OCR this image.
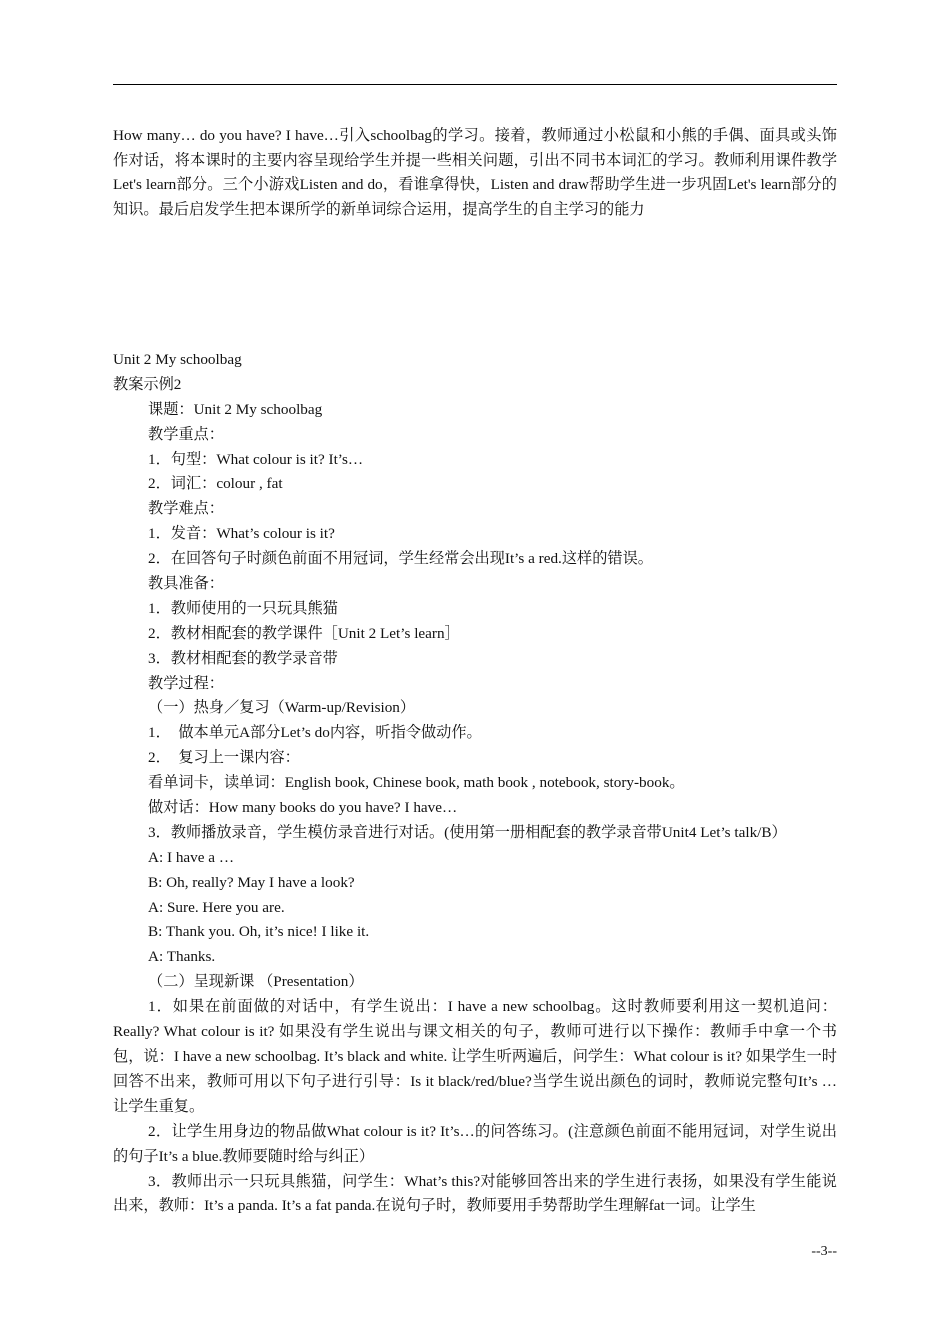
How many… do you have? I have…引入schoolbag的学习。接着，教师通过小松鼠和小熊的手偶、面具或头饰作对话，将本课时的主要内容呈现给学生并提一些相关问题，引出不同书本词汇的学习。教师利用课件教学Let's learn部分。三个小游戏Listen and do，看谁拿得快，Listen and draw帮助学生进一步巩固Let's learn部分的知识。最后启发学生把本课所学的新单词综合运用，提高学生的自主学习的能力
Unit 2 My schoolbag
教案示例2
课题：Unit 2 My schoolbag
教学重点：
1．句型：What colour is it? It’s…
2．词汇：colour , fat
教学难点：
1．发音：What’s colour is it?
2．在回答句子时颜色前面不用冠词，学生经常会出现It’s a red.这样的错误。
教具准备：
1．教师使用的一只玩具熊猫
2．教材相配套的教学课件［Unit 2 Let’s learn］
3．教材相配套的教学录音带
教学过程：
（一）热身／复习（Warm-up/Revision）
1．　做本单元A部分Let’s do内容，听指令做动作。
2．　复习上一课内容：
看单词卡，读单词：English book, Chinese book, math book , notebook, story-book。
做对话：How many books do you have? I have…
3．教师播放录音，学生模仿录音进行对话。(使用第一册相配套的教学录音带Unit4 Let’s talk/B）
A: I have a …
B: Oh, really? May I have a look?
A: Sure. Here you are.
B: Thank you. Oh, it’s nice! I like it.
A: Thanks.
（二）呈现新课 （Presentation）
1．如果在前面做的对话中，有学生说出：I have a new schoolbag。这时教师要利用这一契机追问：Really? What colour is it? 如果没有学生说出与课文相关的句子，教师可进行以下操作：教师手中拿一个书包，说：I have a new schoolbag. It’s black and white. 让学生听两遍后，问学生：What colour is it? 如果学生一时回答不出来，教师可用以下句子进行引导：Is it black/red/blue?当学生说出颜色的词时，教师说完整句It’s … 让学生重复。
2．让学生用身边的物品做What colour is it? It’s…的问答练习。(注意颜色前面不能用冠词，对学生说出的句子It’s a blue.教师要随时给与纠正）
3．教师出示一只玩具熊猫，问学生：What’s this?对能够回答出来的学生进行表扬，如果没有学生能说出来，教师：It’s a panda. It’s a fat panda.在说句子时，教师要用手势帮助学生理解fat一词。让学生
--3--
